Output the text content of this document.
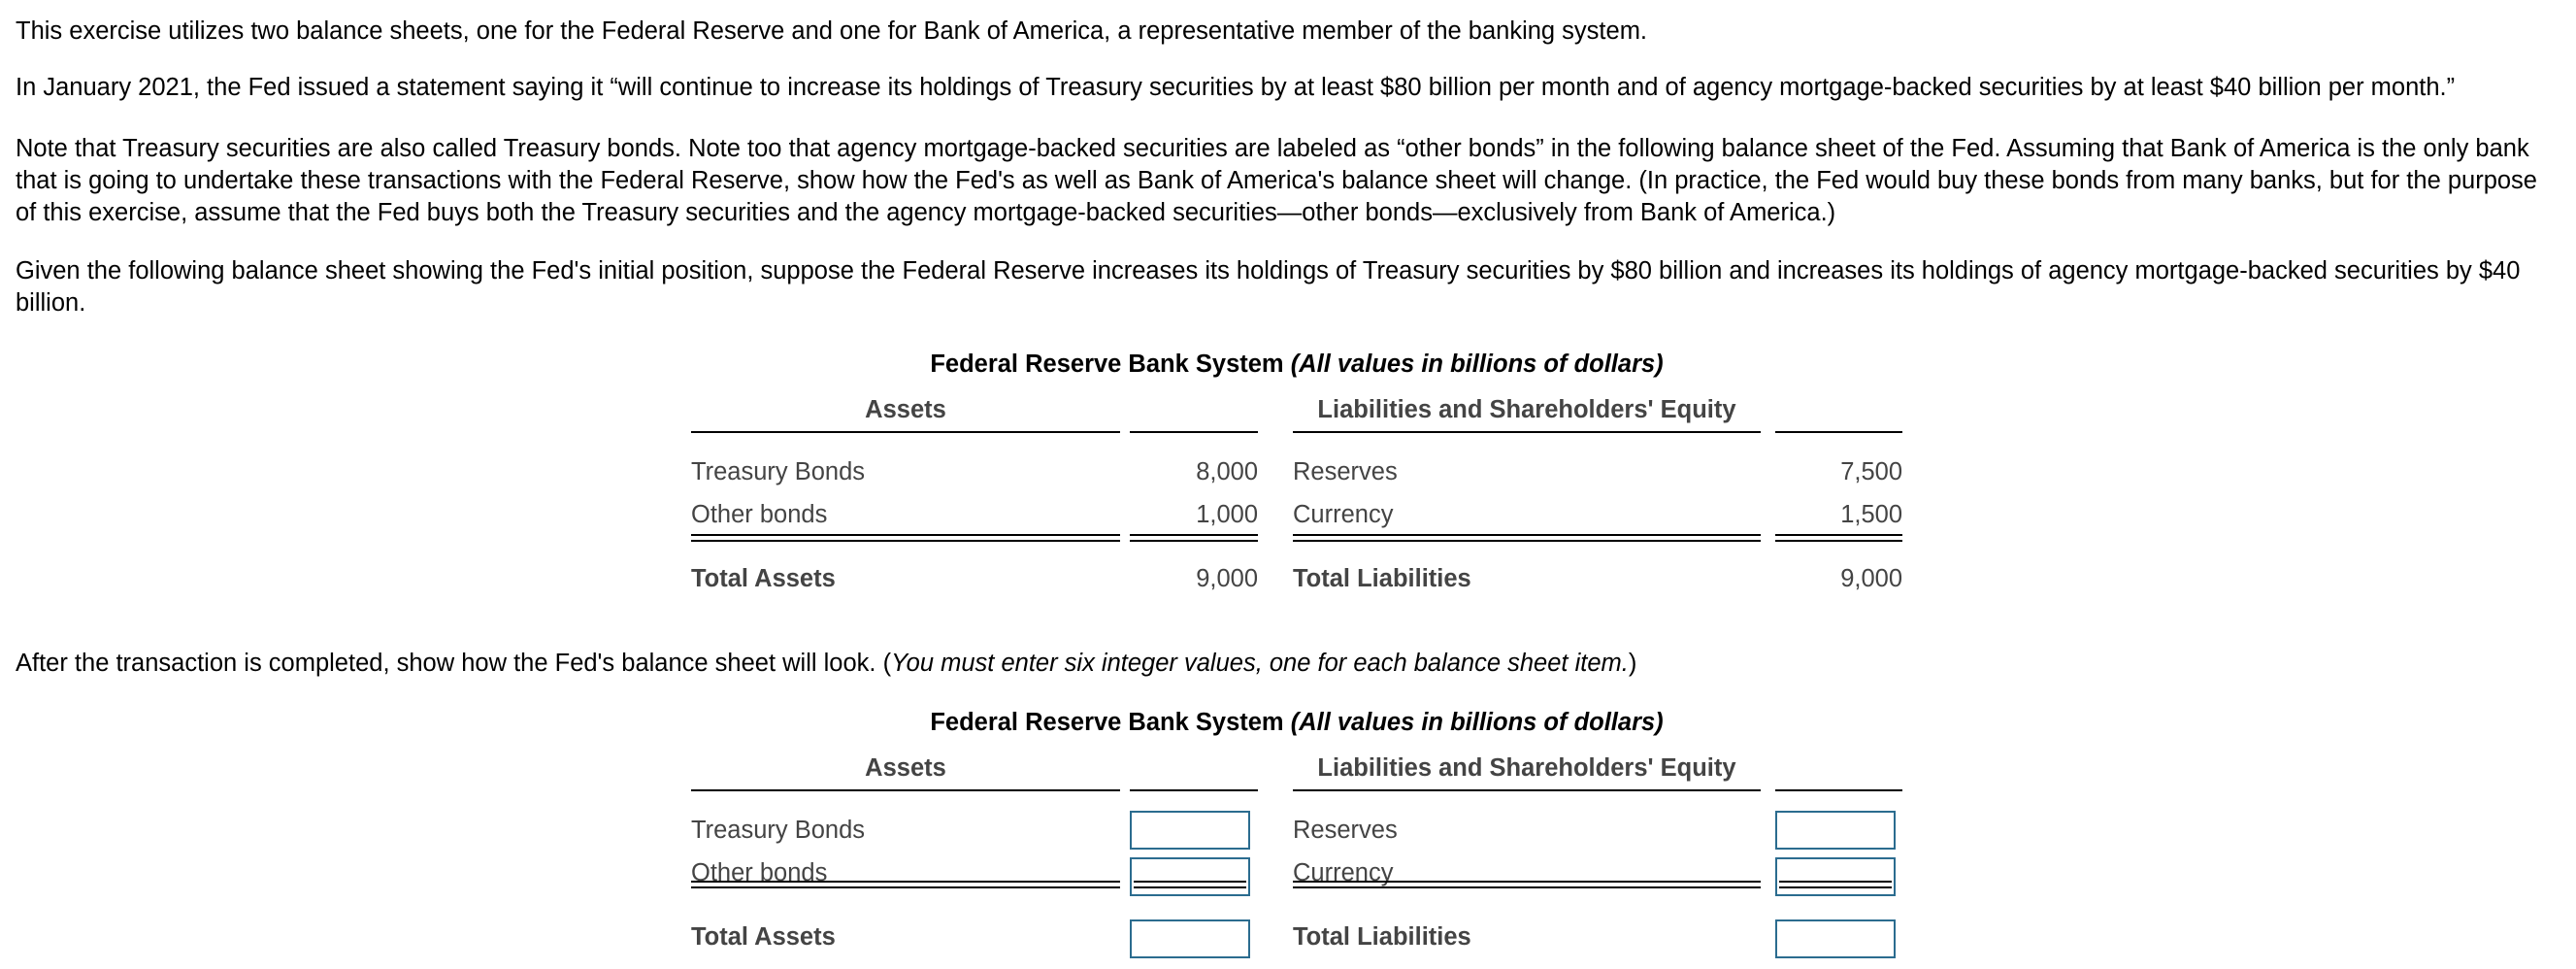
This exercise utilizes two balance sheets, one for the Federal Reserve and one for Bank of America, a representative member of the banking system.

In January 2021, the Fed issued a statement saying it “will continue to increase its holdings of Treasury securities by at least $80 billion per month and of agency mortgage-backed securities by at least $40 billion per month.”

Note that Treasury securities are also called Treasury bonds. Note too that agency mortgage-backed securities are labeled as “other bonds” in the following balance sheet of the Fed. Assuming that Bank of America is the only bank that is going to undertake these transactions with the Federal Reserve, show how the Fed's as well as Bank of America's balance sheet will change. (In practice, the Fed would buy these bonds from many banks, but for the purpose of this exercise, assume that the Fed buys both the Treasury securities and the agency mortgage-backed securities—other bonds—exclusively from Bank of America.)

Given the following balance sheet showing the Fed's initial position, suppose the Federal Reserve increases its holdings of Treasury securities by $80 billion and increases its holdings of agency mortgage-backed securities by $40 billion.

Federal Reserve Bank System (All values in billions of dollars)
Assets	Liabilities and Shareholders' Equity
Treasury Bonds	8,000 Reserves	7,500
Other bonds	1,000 Currency	1,500
Total Assets	9,000 Total Liabilities	9,000

After the transaction is completed, show how the Fed's balance sheet will look. (You must enter six integer values, one for each balance sheet item.)

Federal Reserve Bank System (All values in billions of dollars)
Assets	Liabilities and Shareholders' Equity
Treasury Bonds	Reserves
Other bonds	Currency
Total Assets	Total Liabilities
